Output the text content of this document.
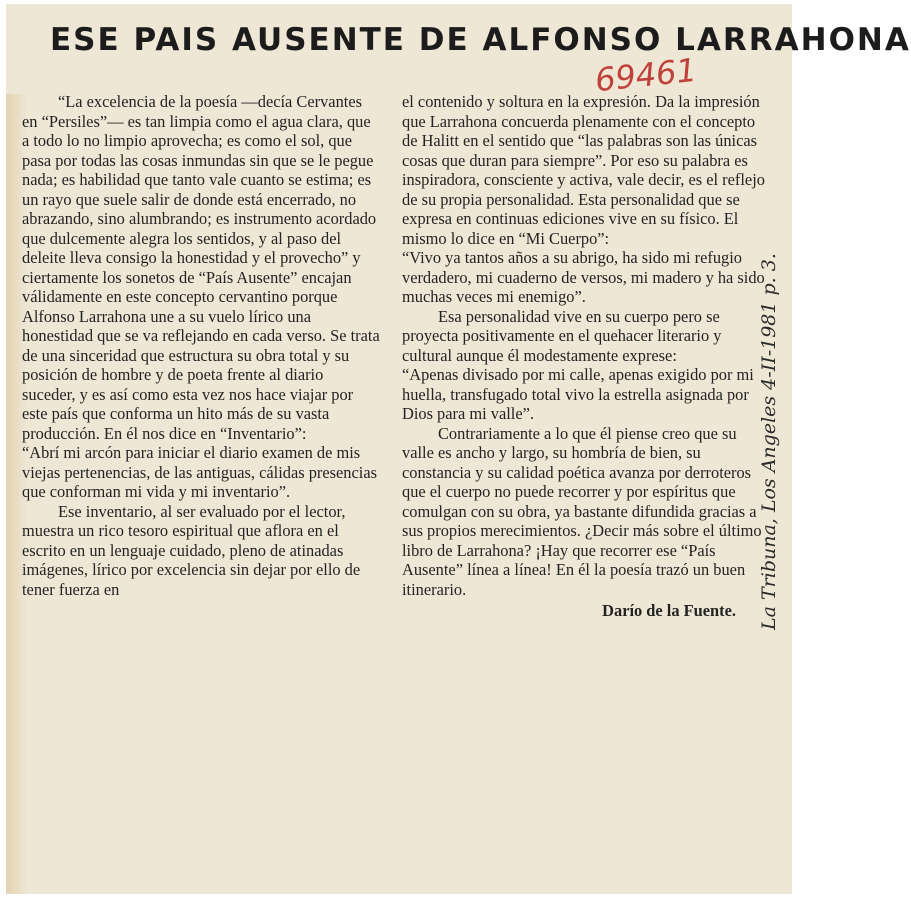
ESE PAIS AUSENTE DE ALFONSO LARRAHONA
69461

“La excelencia de la poesía —decía Cervantes en “Persiles”— es tan limpia como el agua clara, que a todo lo no limpio aprovecha; es como el sol, que pasa por todas las cosas inmundas sin que se le pegue nada; es habilidad que tanto vale cuanto se estima; es un rayo que suele salir de donde está encerrado, no abrazando, sino alumbrando; es instrumento acordado que dulcemente alegra los sentidos, y al paso del deleite lleva consigo la honestidad y el provecho” y ciertamente los sonetos de “País Ausente” encajan válidamente en este concepto cervantino porque Alfonso Larrahona une a su vuelo lírico una honestidad que se va reflejando en cada verso. Se trata de una sinceridad que estructura su obra total y su posición de hombre y de poeta frente al diario suceder, y es así como esta vez nos hace viajar por este país que conforma un hito más de su vasta producción. En él nos dice en “Inventario”:

“Abrí mi arcón para iniciar el diario examen de mis viejas pertenencias, de las antiguas, cálidas presencias que conforman mi vida y mi inventario”.

Ese inventario, al ser evaluado por el lector, muestra un rico tesoro espiritual que aflora en el escrito en un lenguaje cuidado, pleno de atinadas imágenes, lírico por excelencia sin dejar por ello de tener fuerza en

el contenido y soltura en la expresión. Da la impresión que Larrahona concuerda plenamente con el concepto de Halitt en el sentido que “las palabras son las únicas cosas que duran para siempre”. Por eso su palabra es inspiradora, consciente y activa, vale decir, es el reflejo de su propia personalidad. Esta personalidad que se expresa en continuas ediciones vive en su físico. El mismo lo dice en “Mi Cuerpo”:

“Vivo ya tantos años a su abrigo, ha sido mi refugio verdadero, mi cuaderno de versos, mi madero y ha sido muchas veces mi enemigo”.

Esa personalidad vive en su cuerpo pero se proyecta positivamente en el quehacer literario y cultural aunque él modestamente exprese:

“Apenas divisado por mi calle, apenas exigido por mi huella, transfugado total vivo la estrella asignada por Dios para mi valle”.

Contrariamente a lo que él piense creo que su valle es ancho y largo, su hombría de bien, su constancia y su calidad poética avanza por derroteros que el cuerpo no puede recorrer y por espíritus que comulgan con su obra, ya bastante difundida gracias a sus propios merecimientos. ¿Decir más sobre el último libro de Larrahona? ¡Hay que recorrer ese “País Ausente” línea a línea! En él la poesía trazó un buen itinerario.

Darío de la Fuente.	La Tribuna, Los Angeles 4-II-1981 p. 3.
